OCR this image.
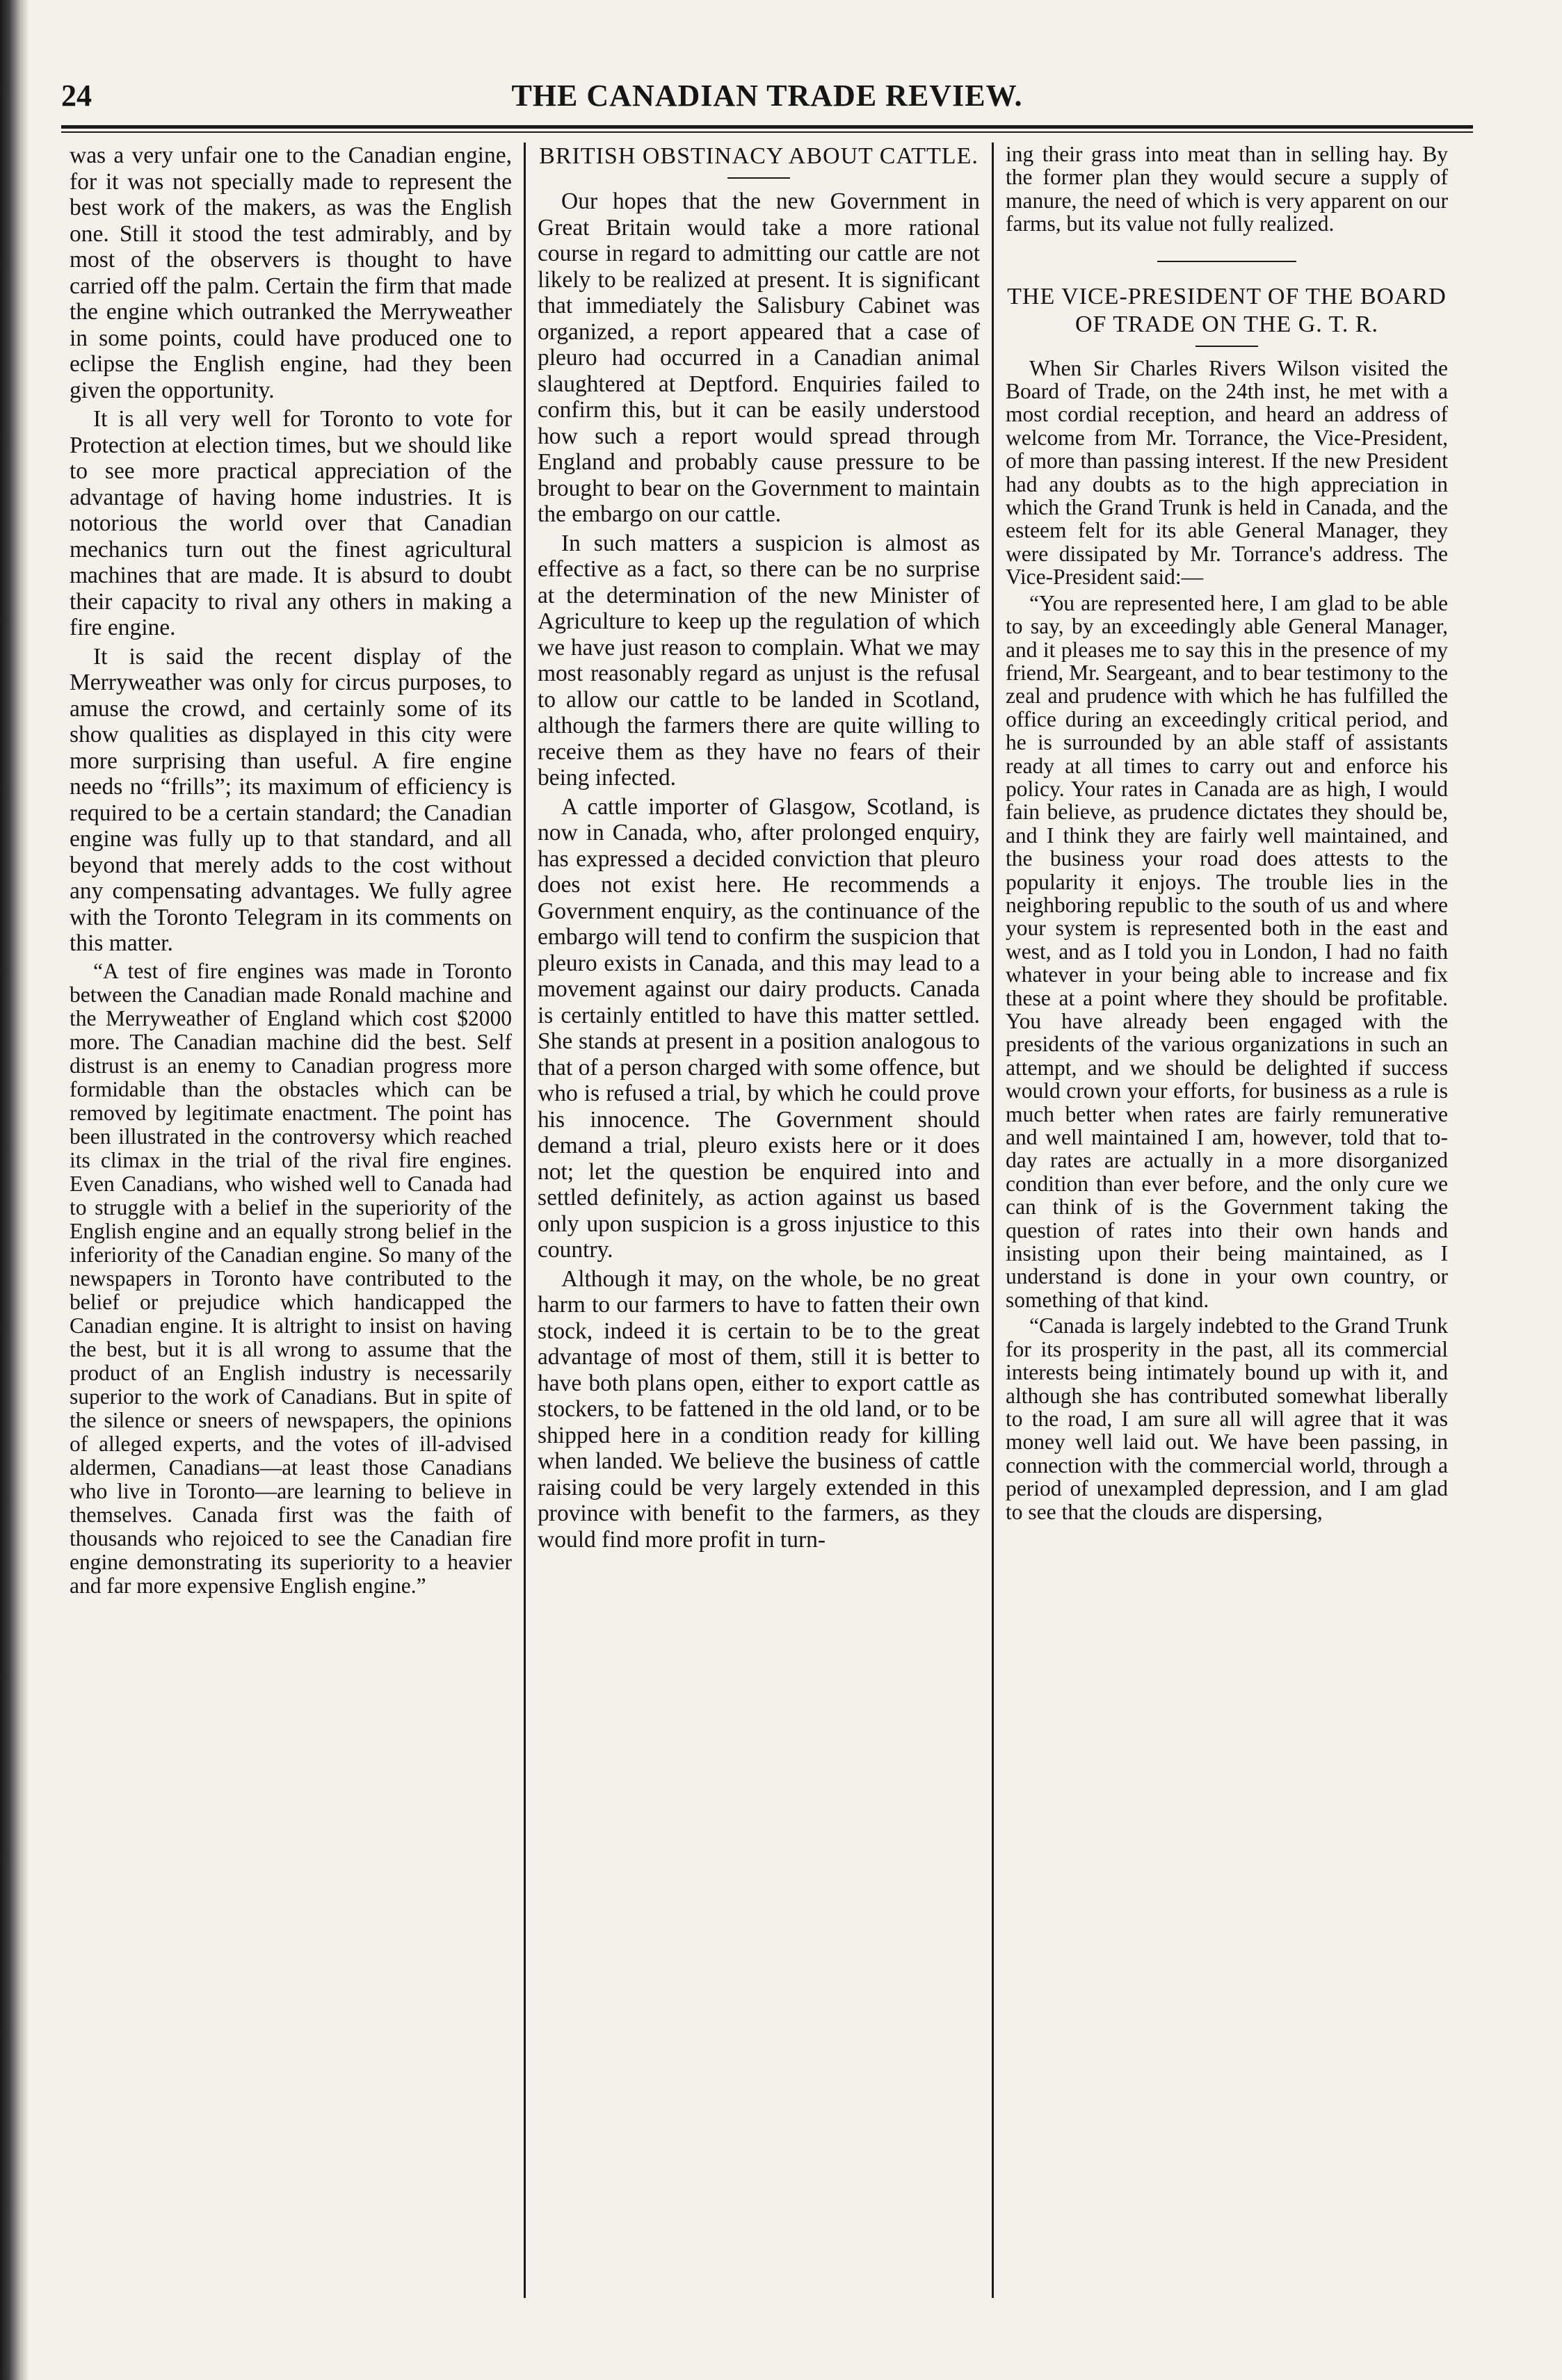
24	THE CANADIAN TRADE REVIEW.

was a very unfair one to the Canadian engine, for it was not specially made to represent the best work of the makers, as was the English one. Still it stood the test admirably, and by most of the observers is thought to have carried off the palm. Certain the firm that made the engine which outranked the Merryweather in some points, could have produced one to eclipse the English engine, had they been given the opportunity.

It is all very well for Toronto to vote for Protection at election times, but we should like to see more practical appreciation of the advantage of having home industries. It is notorious the world over that Canadian mechanics turn out the finest agricultural machines that are made. It is absurd to doubt their capacity to rival any others in making a fire engine.

It is said the recent display of the Merryweather was only for circus purposes, to amuse the crowd, and certainly some of its show qualities as displayed in this city were more surprising than useful. A fire engine needs no “frills”; its maximum of efficiency is required to be a certain standard; the Canadian engine was fully up to that standard, and all beyond that merely adds to the cost without any compensating advantages. We fully agree with the Toronto Telegram in its comments on this matter.

“A test of fire engines was made in Toronto between the Canadian made Ronald machine and the Merryweather of England which cost $2000 more. The Canadian machine did the best. Self distrust is an enemy to Canadian progress more formidable than the obstacles which can be removed by legitimate enactment. The point has been illustrated in the controversy which reached its climax in the trial of the rival fire engines. Even Canadians, who wished well to Canada had to struggle with a belief in the superiority of the English engine and an equally strong belief in the inferiority of the Canadian engine. So many of the newspapers in Toronto have contributed to the belief or prejudice which handicapped the Canadian engine. It is altright to insist on having the best, but it is all wrong to assume that the product of an English industry is necessarily superior to the work of Canadians. But in spite of the silence or sneers of newspapers, the opinions of alleged experts, and the votes of ill-advised aldermen, Canadians—at least those Canadians who live in Toronto—are learning to believe in themselves. Canada first was the faith of thousands who rejoiced to see the Canadian fire engine demonstrating its superiority to a heavier and far more expensive English engine.”

BRITISH OBSTINACY ABOUT CATTLE.

Our hopes that the new Government in Great Britain would take a more rational course in regard to admitting our cattle are not likely to be realized at present. It is significant that immediately the Salisbury Cabinet was organized, a report appeared that a case of pleuro had occurred in a Canadian animal slaughtered at Deptford. Enquiries failed to confirm this, but it can be easily understood how such a report would spread through England and probably cause pressure to be brought to bear on the Government to maintain the embargo on our cattle.

In such matters a suspicion is almost as effective as a fact, so there can be no surprise at the determination of the new Minister of Agriculture to keep up the regulation of which we have just reason to complain. What we may most reasonably regard as unjust is the refusal to allow our cattle to be landed in Scotland, although the farmers there are quite willing to receive them as they have no fears of their being infected.

A cattle importer of Glasgow, Scotland, is now in Canada, who, after prolonged enquiry, has expressed a decided conviction that pleuro does not exist here. He recommends a Government enquiry, as the continuance of the embargo will tend to confirm the suspicion that pleuro exists in Canada, and this may lead to a movement against our dairy products. Canada is certainly entitled to have this matter settled. She stands at present in a position analogous to that of a person charged with some offence, but who is refused a trial, by which he could prove his innocence. The Government should demand a trial, pleuro exists here or it does not; let the question be enquired into and settled definitely, as action against us based only upon suspicion is a gross injustice to this country.

Although it may, on the whole, be no great harm to our farmers to have to fatten their own stock, indeed it is certain to be to the great advantage of most of them, still it is better to have both plans open, either to export cattle as stockers, to be fattened in the old land, or to be shipped here in a condition ready for killing when landed. We believe the business of cattle raising could be very largely extended in this province with benefit to the farmers, as they would find more profit in turn-

ing their grass into meat than in selling hay. By the former plan they would secure a supply of manure, the need of which is very apparent on our farms, but its value not fully realized.

THE VICE-PRESIDENT OF THE BOARD OF TRADE ON THE G. T. R.

When Sir Charles Rivers Wilson visited the Board of Trade, on the 24th inst, he met with a most cordial reception, and heard an address of welcome from Mr. Torrance, the Vice-President, of more than passing interest. If the new President had any doubts as to the high appreciation in which the Grand Trunk is held in Canada, and the esteem felt for its able General Manager, they were dissipated by Mr. Torrance's address. The Vice-President said:—

“You are represented here, I am glad to be able to say, by an exceedingly able General Manager, and it pleases me to say this in the presence of my friend, Mr. Seargeant, and to bear testimony to the zeal and prudence with which he has fulfilled the office during an exceedingly critical period, and he is surrounded by an able staff of assistants ready at all times to carry out and enforce his policy. Your rates in Canada are as high, I would fain believe, as prudence dictates they should be, and I think they are fairly well maintained, and the business your road does attests to the popularity it enjoys. The trouble lies in the neighboring republic to the south of us and where your system is represented both in the east and west, and as I told you in London, I had no faith whatever in your being able to increase and fix these at a point where they should be profitable. You have already been engaged with the presidents of the various organizations in such an attempt, and we should be delighted if success would crown your efforts, for business as a rule is much better when rates are fairly remunerative and well maintained I am, however, told that to-day rates are actually in a more disorganized condition than ever before, and the only cure we can think of is the Government taking the question of rates into their own hands and insisting upon their being maintained, as I understand is done in your own country, or something of that kind.

“Canada is largely indebted to the Grand Trunk for its prosperity in the past, all its commercial interests being intimately bound up with it, and although she has contributed somewhat liberally to the road, I am sure all will agree that it was money well laid out. We have been passing, in connection with the commercial world, through a period of unexampled depression, and I am glad to see that the clouds are dispersing,
